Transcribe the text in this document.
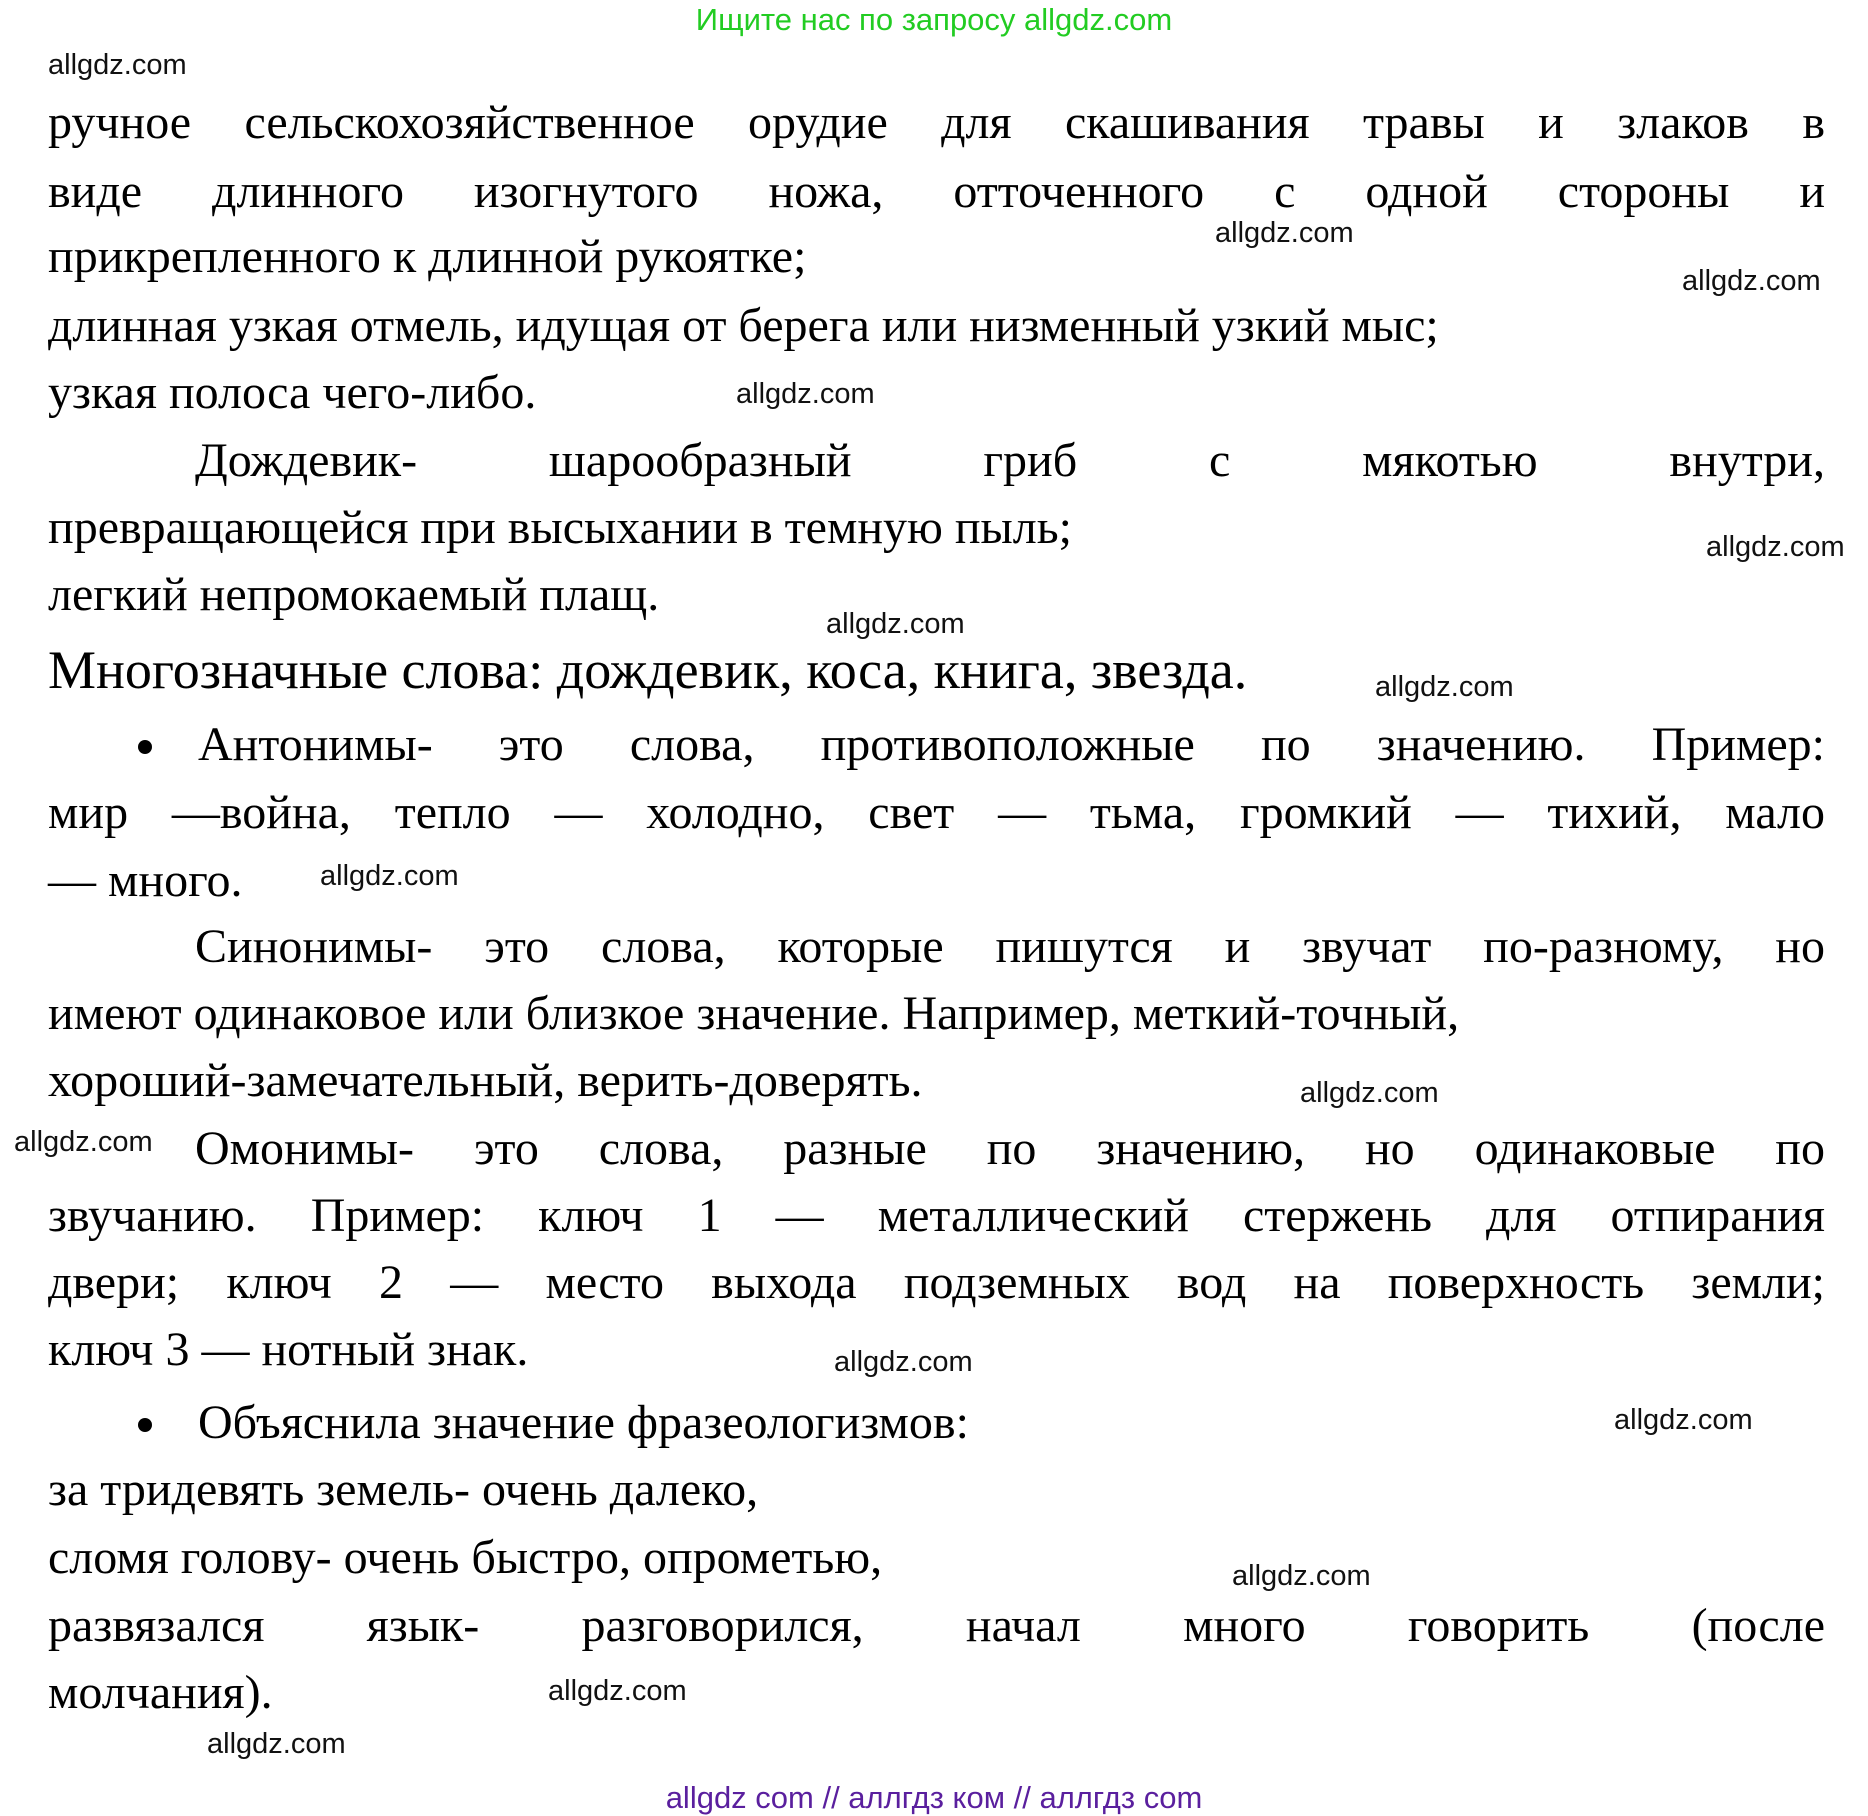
Ищите нас по запросу allgdz.com
ручное сельскохозяйственное орудие для скашивания травы и злаков в
виде длинного изогнутого ножа, отточенного с одной стороны и
прикрепленного к длинной рукоятке;
длинная узкая отмель, идущая от берега или низменный узкий мыс;
узкая полоса чего-либо.
Дождевик- шарообразный гриб с мякотью внутри,
превращающейся при высыхании в темную пыль;
легкий непромокаемый плащ.
Многозначные слова: дождевик, коса, книга, звезда.
Антонимы- это слова, противоположные по значению. Пример:
мир —война, тепло — холодно, свет — тьма, громкий — тихий, мало
— много.
Синонимы- это слова, которые пишутся и звучат по-разному, но
имеют одинаковое или близкое значение. Например, меткий-точный,
хороший-замечательный, верить-доверять.
Омонимы- это слова, разные по значению, но одинаковые по
звучанию. Пример: ключ 1 — металлический стержень для отпирания
двери; ключ 2 — место выхода подземных вод на поверхность земли;
ключ 3 — нотный знак.
Объяснила значение фразеологизмов:
за тридевять земель- очень далеко,
сломя голову- очень быстро, опрометью,
развязался язык- разговорился, начал много говорить (после
молчания).
allgdz.com
allgdz.com
allgdz.com
allgdz.com
allgdz.com
allgdz.com
allgdz.com
allgdz.com
allgdz.com
allgdz.com
allgdz.com
allgdz.com
allgdz.com
allgdz.com
allgdz.com
allgdz com // аллгдз ком // аллгдз com
